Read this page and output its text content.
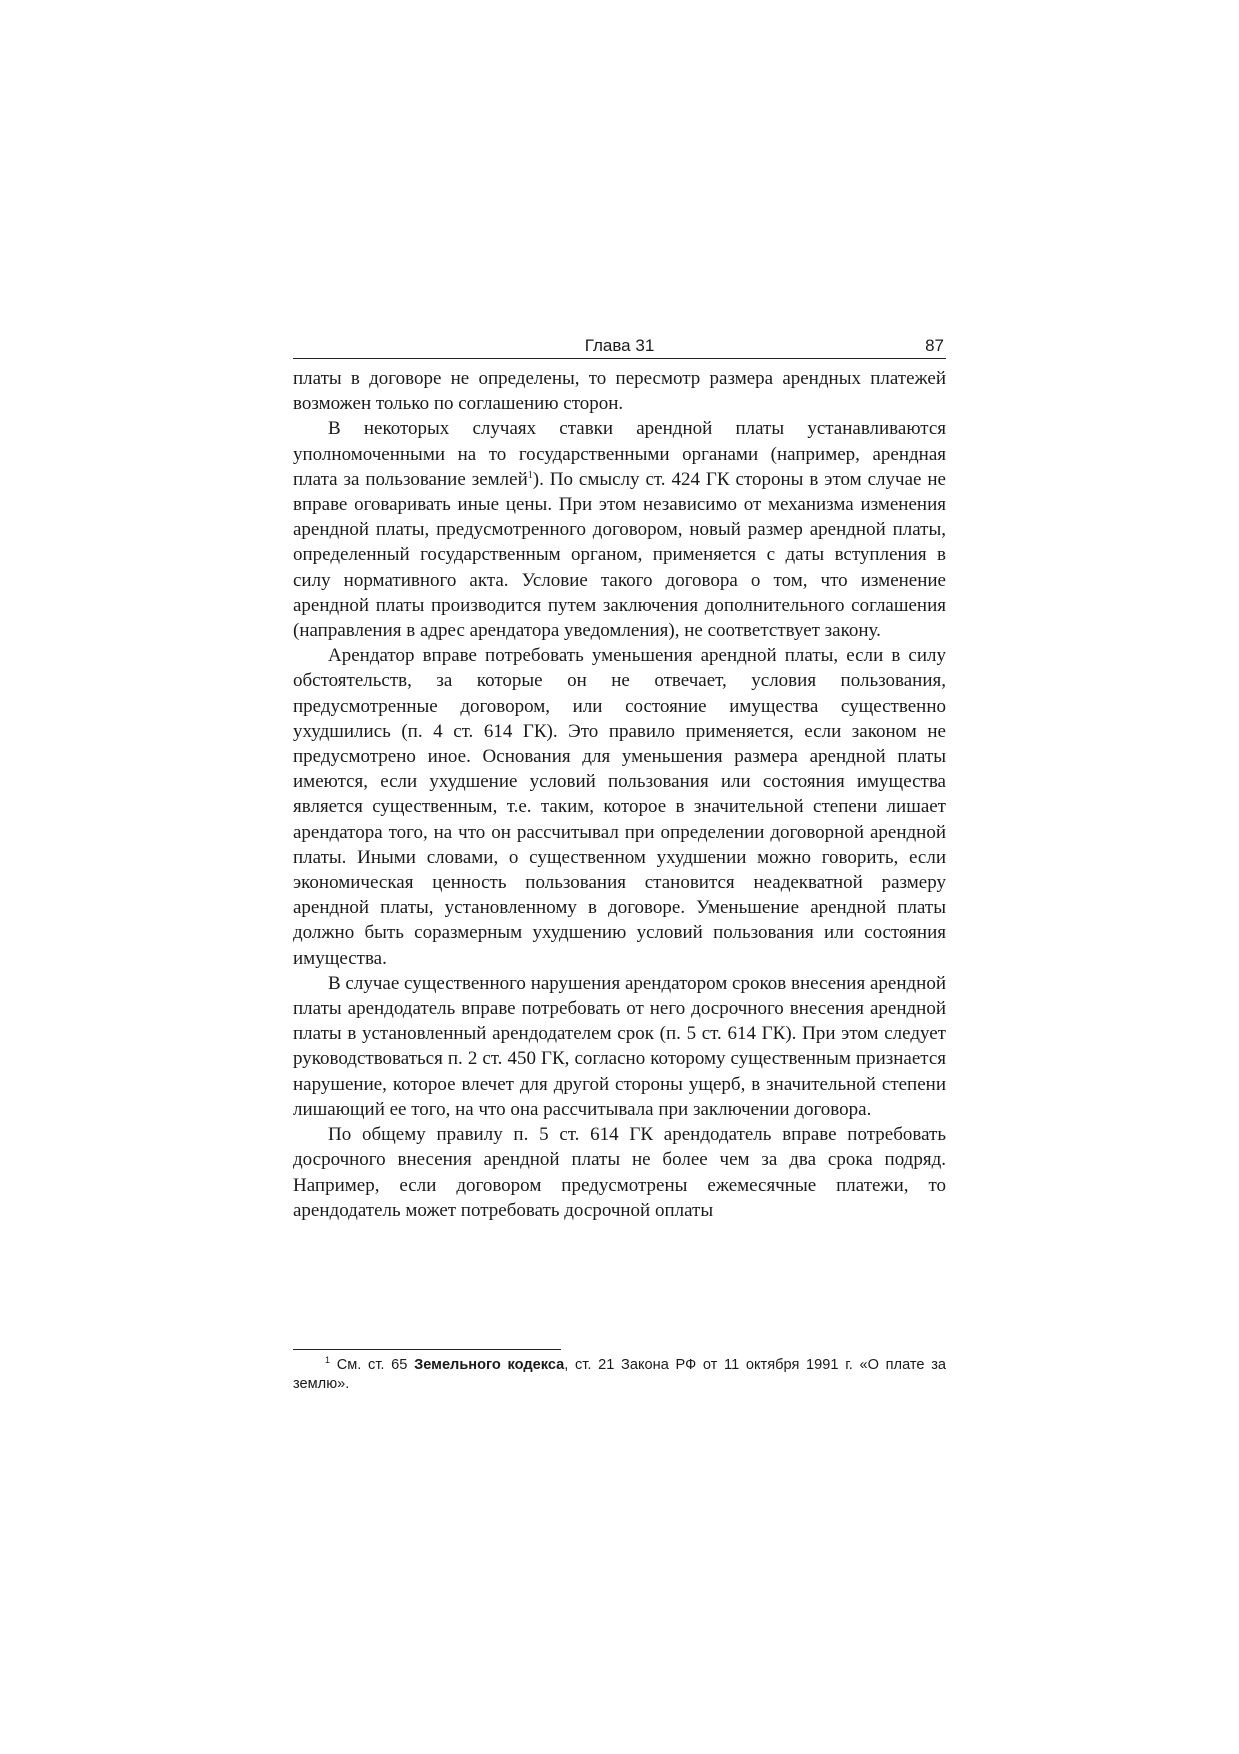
Глава 31	87

платы в договоре не определены, то пересмотр размера арендных платежей возможен только по соглашению сторон.

В некоторых случаях ставки арендной платы устанавливаются уполномоченными на то государственными органами (например, арендная плата за пользование землей$^1$). По смыслу ст. 424 ГК стороны в этом случае не вправе оговаривать иные цены. При этом независимо от механизма изменения арендной платы, предусмотренного договором, новый размер арендной платы, определенный государственным органом, применяется с даты вступления в силу нормативного акта. Условие такого договора о том, что изменение арендной платы производится путем заключения дополнительного соглашения (направления в адрес арендатора уведомления), не соответствует закону.

Арендатор вправе потребовать уменьшения арендной платы, если в силу обстоятельств, за которые он не отвечает, условия пользования, предусмотренные договором, или состояние имущества существенно ухудшились (п. 4 ст. 614 ГК). Это правило применяется, если законом не предусмотрено иное. Основания для уменьшения размера арендной платы имеются, если ухудшение условий пользования или состояния имущества является существенным, т.е. таким, которое в значительной степени лишает арендатора того, на что он рассчитывал при определении договорной арендной платы. Иными словами, о существенном ухудшении можно говорить, если экономическая ценность пользования становится неадекватной размеру арендной платы, установленному в договоре. Уменьшение арендной платы должно быть соразмерным ухудшению условий пользования или состояния имущества.

В случае существенного нарушения арендатором сроков внесения арендной платы арендодатель вправе потребовать от него досрочного внесения арендной платы в установленный арендодателем срок (п. 5 ст. 614 ГК). При этом следует руководствоваться п. 2 ст. 450 ГК, согласно которому существенным признается нарушение, которое влечет для другой стороны ущерб, в значительной степени лишающий ее того, на что она рассчитывала при заключении договора.

По общему правилу п. 5 ст. 614 ГК арендодатель вправе потребовать досрочного внесения арендной платы не более чем за два срока подряд. Например, если договором предусмотрены ежемесячные платежи, то арендодатель может потребовать досрочной оплаты

$^1$ См. ст. 65 Земельного кодекса, ст. 21 Закона РФ от 11 октября 1991 г. «О плате за землю».
